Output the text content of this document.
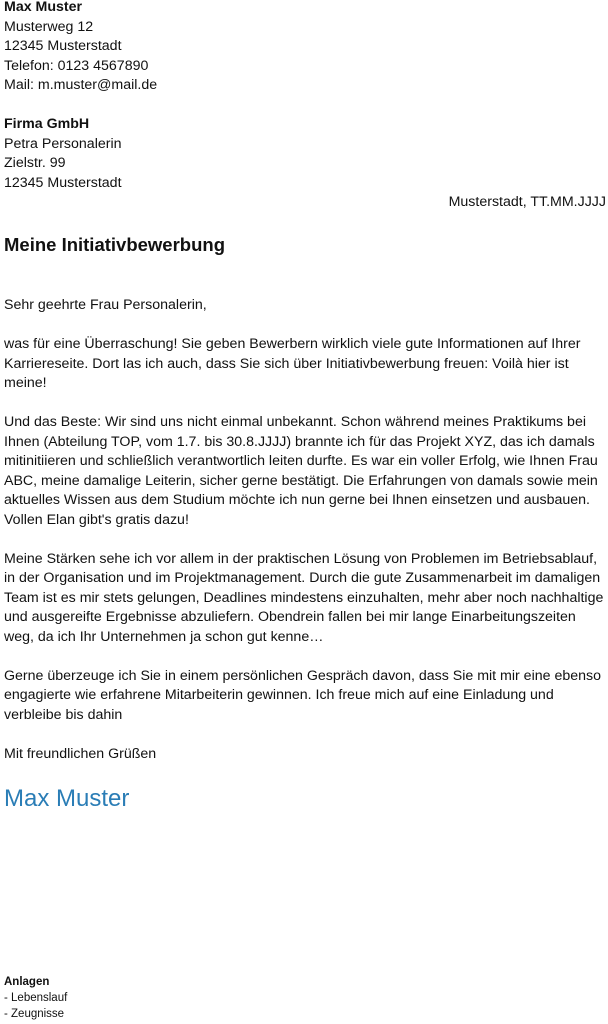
Max Muster
Musterweg 12
12345 Musterstadt
Telefon: 0123 4567890
Mail: m.muster@mail.de
Firma GmbH
Petra Personalerin
Zielstr. 99
12345 Musterstadt
Musterstadt, TT.MM.JJJJ
Meine Initiativbewerbung

Sehr geehrte Frau Personalerin,

was für eine Überraschung! Sie geben Bewerbern wirklich viele gute Informationen auf Ihrer Karriereseite. Dort las ich auch, dass Sie sich über Initiativbewerbung freuen: Voilà hier ist meine!

Und das Beste: Wir sind uns nicht einmal unbekannt. Schon während meines Praktikums bei Ihnen (Abteilung TOP, vom 1.7. bis 30.8.JJJJ) brannte ich für das Projekt XYZ, das ich damals mitinitiieren und schließlich verantwortlich leiten durfte. Es war ein voller Erfolg, wie Ihnen Frau ABC, meine damalige Leiterin, sicher gerne bestätigt. Die Erfahrungen von damals sowie mein aktuelles Wissen aus dem Studium möchte ich nun gerne bei Ihnen einsetzen und ausbauen. Vollen Elan gibt's gratis dazu!

Meine Stärken sehe ich vor allem in der praktischen Lösung von Problemen im Betriebsablauf, in der Organisation und im Projektmanagement. Durch die gute Zusammenarbeit im damaligen Team ist es mir stets gelungen, Deadlines mindestens einzuhalten, mehr aber noch nachhaltige und ausgereifte Ergebnisse abzuliefern. Obendrein fallen bei mir lange Einarbeitungszeiten weg, da ich Ihr Unternehmen ja schon gut kenne…

Gerne überzeuge ich Sie in einem persönlichen Gespräch davon, dass Sie mit mir eine ebenso engagierte wie erfahrene Mitarbeiterin gewinnen. Ich freue mich auf eine Einladung und verbleibe bis dahin

Mit freundlichen Grüßen

Max Muster
Anlagen
- Lebenslauf
- Zeugnisse
